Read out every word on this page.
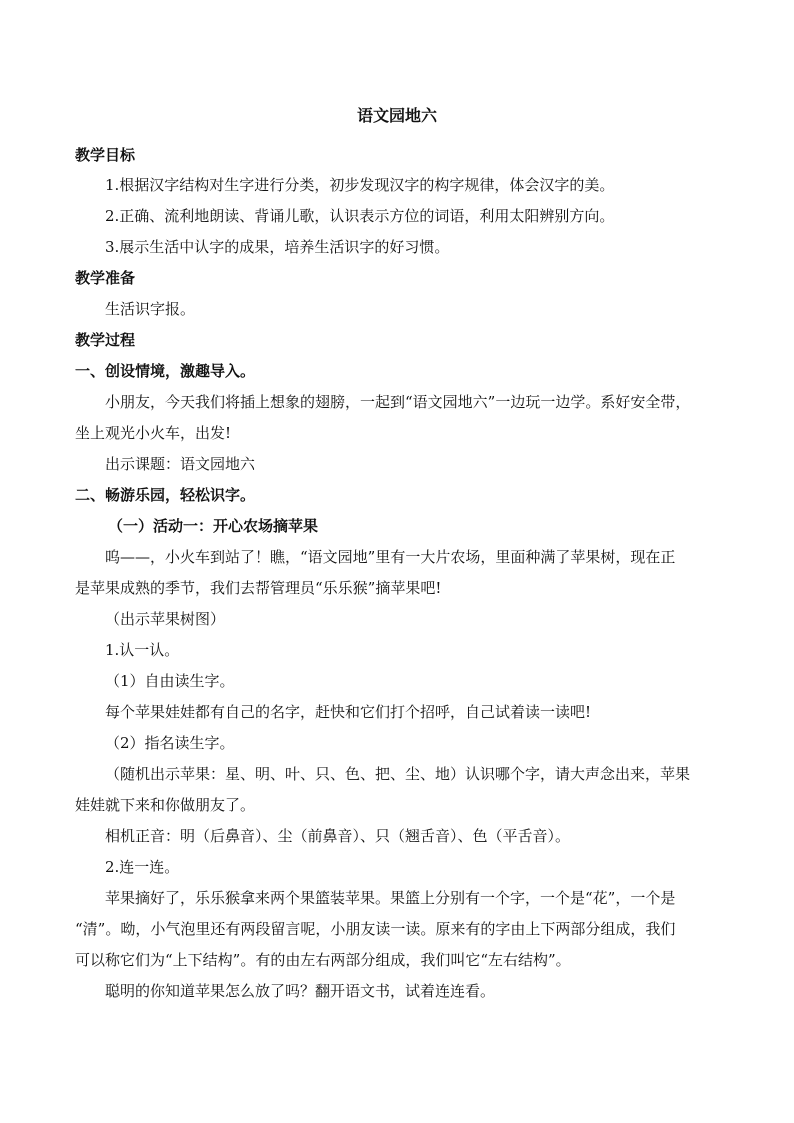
语文园地六
教学目标
1.根据汉字结构对生字进行分类，初步发现汉字的构字规律，体会汉字的美。
2.正确、流利地朗读、背诵儿歌，认识表示方位的词语，利用太阳辨别方向。
3.展示生活中认字的成果，培养生活识字的好习惯。
教学准备
生活识字报。
教学过程
一、创设情境，激趣导入。
小朋友，今天我们将插上想象的翅膀，一起到“语文园地六”一边玩一边学。系好安全带，
坐上观光小火车，出发!
出示课题：语文园地六
二、畅游乐园，轻松识字。
（一）活动一：开心农场摘苹果
呜——，小火车到站了！瞧，“语文园地”里有一大片农场，里面种满了苹果树，现在正
是苹果成熟的季节，我们去帮管理员“乐乐猴”摘苹果吧!
（出示苹果树图）
1.认一认。
（1）自由读生字。
每个苹果娃娃都有自己的名字，赶快和它们打个招呼，自己试着读一读吧!
（2）指名读生字。
（随机出示苹果：星、明、叶、只、色、把、尘、地）认识哪个字，请大声念出来，苹果
娃娃就下来和你做朋友了。
相机正音：明（后鼻音）、尘（前鼻音）、只（翘舌音）、色（平舌音）。
2.连一连。
苹果摘好了，乐乐猴拿来两个果篮装苹果。果篮上分别有一个字，一个是“花”，一个是
“清”。呦，小气泡里还有两段留言呢，小朋友读一读。原来有的字由上下两部分组成，我们
可以称它们为“上下结构”。有的由左右两部分组成，我们叫它“左右结构”。
聪明的你知道苹果怎么放了吗？翻开语文书，试着连连看。
